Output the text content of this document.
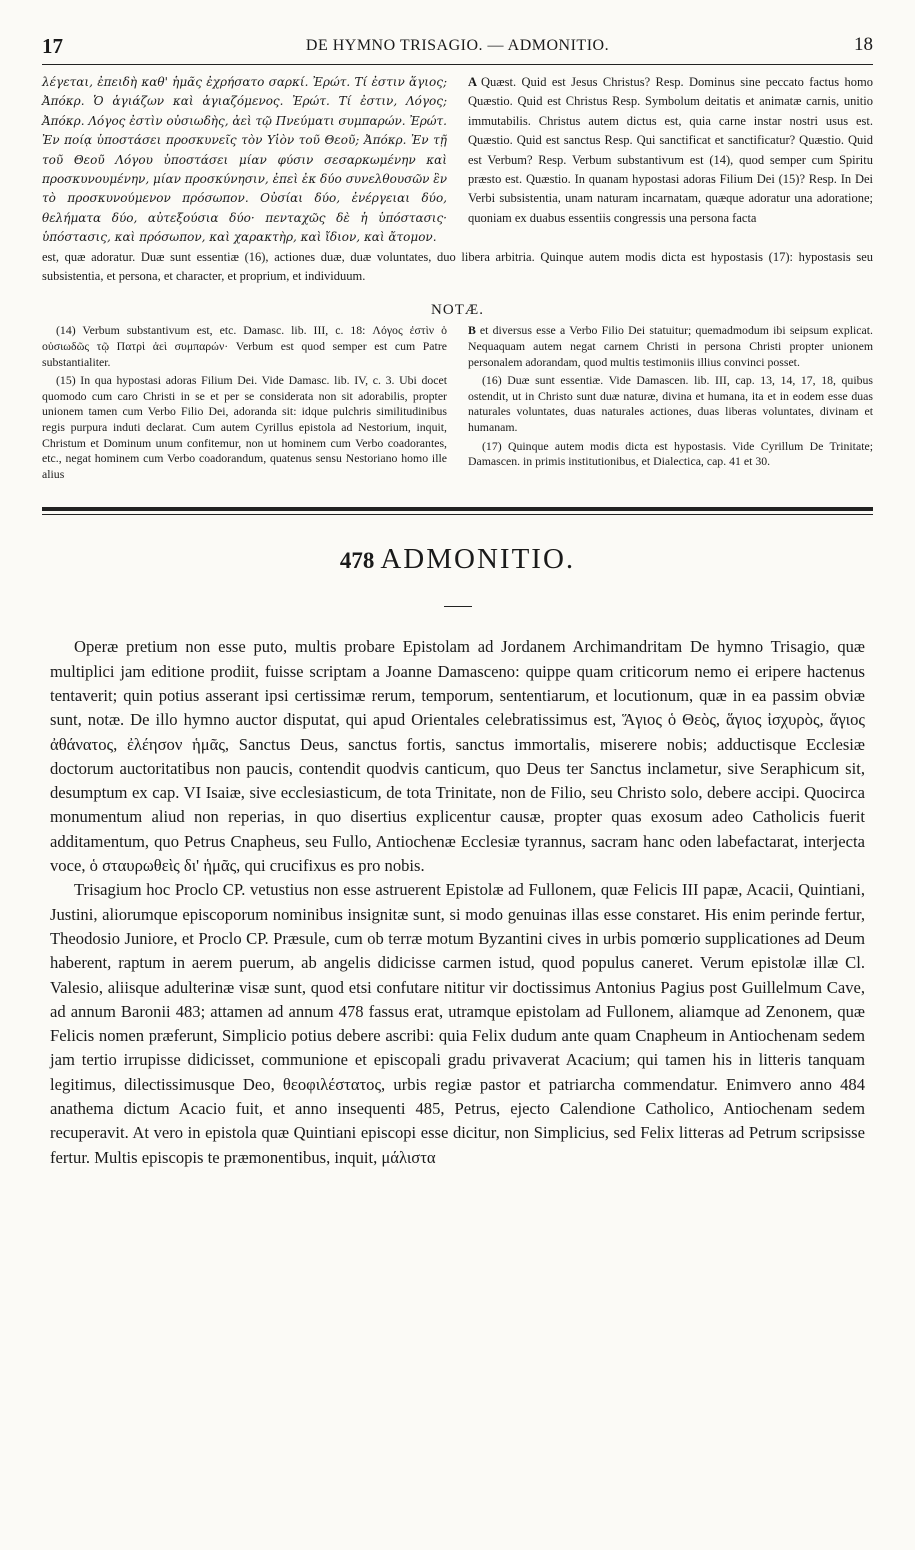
17	DE HYMNO TRISAGIO. — ADMONITIO.	18
λέγεται, ἐπειδὴ καθ' ἡμᾶς ἐχρήσατο σαρκί. Ἐρώτ. Τί ἐστιν ἅγιος; Ἀπόκρ. Ὁ ἁγιάζων καὶ ἁγιαζόμενος. Ἐρώτ. Τί ἐστιν, Λόγος; Ἀπόκρ. Λόγος ἐστὶν οὐσιωδὴς, ἀεὶ τῷ Πνεύματι συμπαρών. Ἐρώτ. Ἐν ποίᾳ ὑποστάσει προσκυνεῖς τὸν Υἱὸν τοῦ Θεοῦ; Ἀπόκρ. Ἐν τῇ τοῦ Θεοῦ Λόγου ὑποστάσει μίαν φύσιν σεσαρκωμένην καὶ προσκυνουμένην, μίαν προσκύνησιν, ἐπεὶ ἐκ δύο συνελθουσῶν ἓν τὸ προσκυνούμενον πρόσωπον. Οὐσίαι δύο, ἐνέργειαι δύο, θελήματα δύο, αὐτεξούσια δύο· πενταχῶς δὲ ἡ ὑπόστασις· ὑπόστασις, καὶ πρόσωπον, καὶ χαρακτὴρ, καὶ ἴδιον, καὶ ἄτομον.
A Quæst. Quid est Jesus Christus? Resp. Dominus sine peccato factus homo Quæstio. Quid est Christus Resp. Symbolum deitatis et animatæ carnis, unitio immutabilis. Christus autem dictus est, quia carne instar nostri usus est. Quæstio. Quid est sanctus Resp. Qui sanctificat et sanctificatur? Quæstio. Quid est Verbum? Resp. Verbum substantivum est (14), quod semper cum Spiritu præsto est. Quæstio. In quanam hypostasi adoras Filium Dei (15)? Resp. In Dei Verbi subsistentia, unam naturam incarnatam, quæque adoratur una adoratione; quoniam ex duabus essentiis congressis una persona facta
est, quæ adoratur. Duæ sunt essentiæ (16), actiones duæ, duæ voluntates, duo libera arbitria. Quinque autem modis dicta est hypostasis (17): hypostasis seu subsistentia, et persona, et character, et proprium, et individuum.
NOTÆ.

(14) Verbum substantivum est, etc. Damasc. lib. III, c. 18: Λόγος ἐστὶν ὁ οὐσιωδῶς τῷ Πατρὶ ἀεὶ συμπαρών· Verbum est quod semper est cum Patre substantialiter.

(15) In qua hypostasi adoras Filium Dei. Vide Damasc. lib. IV, c. 3. Ubi docet quomodo cum caro Christi in se et per se considerata non sit adorabilis, propter unionem tamen cum Verbo Filio Dei, adoranda sit: idque pulchris similitudinibus regis purpura induti declarat. Cum autem Cyrillus epistola ad Nestorium, inquit, Christum et Dominum unum confitemur, non ut hominem cum Verbo coadorantes, etc., negat hominem cum Verbo coadorandum, quatenus sensu Nestoriano homo ille alius

B et diversus esse a Verbo Filio Dei statuitur; quemadmodum ibi seipsum explicat. Nequaquam autem negat carnem Christi in persona Christi propter unionem personalem adorandam, quod multis testimoniis illius convinci posset.

(16) Duæ sunt essentiæ. Vide Damascen. lib. III, cap. 13, 14, 17, 18, quibus ostendit, ut in Christo sunt duæ naturæ, divina et humana, ita et in eodem esse duas naturales voluntates, duas naturales actiones, duas liberas voluntates, divinam et humanam.

(17) Quinque autem modis dicta est hypostasis. Vide Cyrillum De Trinitate; Damascen. in primis institutionibus, et Dialectica, cap. 41 et 30.

478 ADMONITIO.

Operæ pretium non esse puto, multis probare Epistolam ad Jordanem Archimandritam De hymno Trisagio, quæ multiplici jam editione prodiit, fuisse scriptam a Joanne Damasceno: quippe quam criticorum nemo ei eripere hactenus tentaverit; quin potius asserant ipsi certissimæ rerum, temporum, sententiarum, et locutionum, quæ in ea passim obviæ sunt, notæ. De illo hymno auctor disputat, qui apud Orientales celebratissimus est, Ἅγιος ὁ Θεὸς, ἅγιος ἰσχυρὸς, ἅγιος ἀθάνατος, ἐλέησον ἡμᾶς, Sanctus Deus, sanctus fortis, sanctus immortalis, miserere nobis; adductisque Ecclesiæ doctorum auctoritatibus non paucis, contendit quodvis canticum, quo Deus ter Sanctus inclametur, sive Seraphicum sit, desumptum ex cap. VI Isaiæ, sive ecclesiasticum, de tota Trinitate, non de Filio, seu Christo solo, debere accipi. Quocirca monumentum aliud non reperias, in quo disertius explicentur causæ, propter quas exosum adeo Catholicis fuerit additamentum, quo Petrus Cnapheus, seu Fullo, Antiochenæ Ecclesiæ tyrannus, sacram hanc oden labefactarat, interjecta voce, ὁ σταυρωθεὶς δι' ἡμᾶς, qui crucifixus es pro nobis.

Trisagium hoc Proclo CP. vetustius non esse astruerent Epistolæ ad Fullonem, quæ Felicis III papæ, Acacii, Quintiani, Justini, aliorumque episcoporum nominibus insignitæ sunt, si modo genuinas illas esse constaret. His enim perinde fertur, Theodosio Juniore, et Proclo CP. Præsule, cum ob terræ motum Byzantini cives in urbis pomœrio supplicationes ad Deum haberent, raptum in aerem puerum, ab angelis didicisse carmen istud, quod populus caneret. Verum epistolæ illæ Cl. Valesio, aliisque adulterinæ visæ sunt, quod etsi confutare nititur vir doctissimus Antonius Pagius post Guillelmum Cave, ad annum Baronii 483; attamen ad annum 478 fassus erat, utramque epistolam ad Fullonem, aliamque ad Zenonem, quæ Felicis nomen præferunt, Simplicio potius debere ascribi: quia Felix dudum ante quam Cnapheum in Antiochenam sedem jam tertio irrupisse didicisset, communione et episcopali gradu privaverat Acacium; qui tamen his in litteris tanquam legitimus, dilectissimusque Deo, θεοφιλέστατος, urbis regiæ pastor et patriarcha commendatur. Enimvero anno 484 anathema dictum Acacio fuit, et anno insequenti 485, Petrus, ejecto Calendione Catholico, Antiochenam sedem recuperavit. At vero in epistola quæ Quintiani episcopi esse dicitur, non Simplicius, sed Felix litteras ad Petrum scripsisse fertur. Multis episcopis te præmonentibus, inquit, μάλιστα
